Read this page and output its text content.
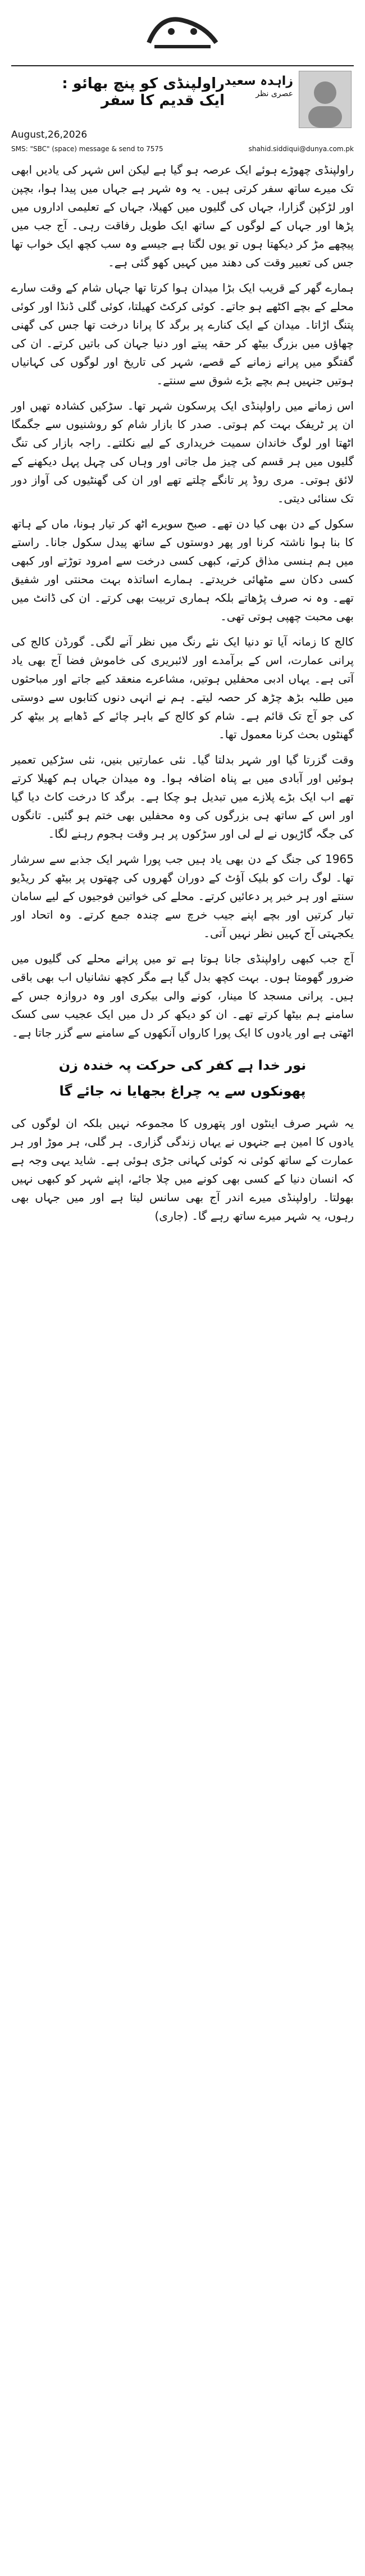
زاہدہ سعید
عصری نظر
راولپنڈی کو پنچ بھائو : ایک قدیم کا سفر
August,26,2026
SMS: "SBC" (space) message & send to 7575	shahid.siddiqui@dunya.com.pk

راولپنڈی چھوڑے ہوئے ایک عرصہ ہو گیا ہے لیکن اس شہر کی یادیں ابھی تک میرے ساتھ سفر کرتی ہیں۔ یہ وہ شہر ہے جہاں میں پیدا ہوا، بچپن اور لڑکپن گزارا، جہاں کی گلیوں میں کھیلا، جہاں کے تعلیمی اداروں میں پڑھا اور جہاں کے لوگوں کے ساتھ ایک طویل رفاقت رہی۔ آج جب میں پیچھے مڑ کر دیکھتا ہوں تو یوں لگتا ہے جیسے وہ سب کچھ ایک خواب تھا جس کی تعبیر وقت کی دھند میں کہیں کھو گئی ہے۔

ہمارے گھر کے قریب ایک بڑا میدان ہوا کرتا تھا جہاں شام کے وقت سارے محلے کے بچے اکٹھے ہو جاتے۔ کوئی کرکٹ کھیلتا، کوئی گلی ڈنڈا اور کوئی پتنگ اڑاتا۔ میدان کے ایک کنارے پر برگد کا پرانا درخت تھا جس کی گھنی چھاؤں میں بزرگ بیٹھ کر حقہ پیتے اور دنیا جہان کی باتیں کرتے۔ ان کی گفتگو میں پرانے زمانے کے قصے، شہر کی تاریخ اور لوگوں کی کہانیاں ہوتیں جنہیں ہم بچے بڑے شوق سے سنتے۔

اس زمانے میں راولپنڈی ایک پرسکون شہر تھا۔ سڑکیں کشادہ تھیں اور ان پر ٹریفک بہت کم ہوتی۔ صدر کا بازار شام کو روشنیوں سے جگمگا اٹھتا اور لوگ خاندان سمیت خریداری کے لیے نکلتے۔ راجہ بازار کی تنگ گلیوں میں ہر قسم کی چیز مل جاتی اور وہاں کی چہل پہل دیکھنے کے لائق ہوتی۔ مری روڈ پر تانگے چلتے تھے اور ان کی گھنٹیوں کی آواز دور تک سنائی دیتی۔

سکول کے دن بھی کیا دن تھے۔ صبح سویرے اٹھ کر تیار ہونا، ماں کے ہاتھ کا بنا ہوا ناشتہ کرنا اور پھر دوستوں کے ساتھ پیدل سکول جانا۔ راستے میں ہم ہنسی مذاق کرتے، کبھی کسی درخت سے امرود توڑتے اور کبھی کسی دکان سے مٹھائی خریدتے۔ ہمارے اساتذہ بہت محنتی اور شفیق تھے۔ وہ نہ صرف پڑھاتے بلکہ ہماری تربیت بھی کرتے۔ ان کی ڈانٹ میں بھی محبت چھپی ہوتی تھی۔

کالج کا زمانہ آیا تو دنیا ایک نئے رنگ میں نظر آنے لگی۔ گورڈن کالج کی پرانی عمارت، اس کے برآمدے اور لائبریری کی خاموش فضا آج بھی یاد آتی ہے۔ یہاں ادبی محفلیں ہوتیں، مشاعرے منعقد کیے جاتے اور مباحثوں میں طلبہ بڑھ چڑھ کر حصہ لیتے۔ ہم نے انہی دنوں کتابوں سے دوستی کی جو آج تک قائم ہے۔ شام کو کالج کے باہر چائے کے ڈھابے پر بیٹھ کر گھنٹوں بحث کرنا معمول تھا۔

وقت گزرتا گیا اور شہر بدلتا گیا۔ نئی عمارتیں بنیں، نئی سڑکیں تعمیر ہوئیں اور آبادی میں بے پناہ اضافہ ہوا۔ وہ میدان جہاں ہم کھیلا کرتے تھے اب ایک بڑے پلازے میں تبدیل ہو چکا ہے۔ برگد کا درخت کاٹ دیا گیا اور اس کے ساتھ ہی بزرگوں کی وہ محفلیں بھی ختم ہو گئیں۔ تانگوں کی جگہ گاڑیوں نے لے لی اور سڑکوں پر ہر وقت ہجوم رہنے لگا۔

1965 کی جنگ کے دن بھی یاد ہیں جب پورا شہر ایک جذبے سے سرشار تھا۔ لوگ رات کو بلیک آؤٹ کے دوران گھروں کی چھتوں پر بیٹھ کر ریڈیو سنتے اور ہر خبر پر دعائیں کرتے۔ محلے کی خواتین فوجیوں کے لیے سامان تیار کرتیں اور بچے اپنے جیب خرچ سے چندہ جمع کرتے۔ وہ اتحاد اور یکجہتی آج کہیں نظر نہیں آتی۔

آج جب کبھی راولپنڈی جانا ہوتا ہے تو میں پرانے محلے کی گلیوں میں ضرور گھومتا ہوں۔ بہت کچھ بدل گیا ہے مگر کچھ نشانیاں اب بھی باقی ہیں۔ پرانی مسجد کا مینار، کونے والی بیکری اور وہ دروازہ جس کے سامنے ہم بیٹھا کرتے تھے۔ ان کو دیکھ کر دل میں ایک عجیب سی کسک اٹھتی ہے اور یادوں کا ایک پورا کارواں آنکھوں کے سامنے سے گزر جاتا ہے۔

نور خدا ہے کفر کی حرکت پہ خندہ زن
پھونکوں سے یہ چراغ بجھایا نہ جائے گا

یہ شہر صرف اینٹوں اور پتھروں کا مجموعہ نہیں بلکہ ان لوگوں کی یادوں کا امین ہے جنہوں نے یہاں زندگی گزاری۔ ہر گلی، ہر موڑ اور ہر عمارت کے ساتھ کوئی نہ کوئی کہانی جڑی ہوئی ہے۔ شاید یہی وجہ ہے کہ انسان دنیا کے کسی بھی کونے میں چلا جائے، اپنے شہر کو کبھی نہیں بھولتا۔ راولپنڈی میرے اندر آج بھی سانس لیتا ہے اور میں جہاں بھی رہوں، یہ شہر میرے ساتھ رہے گا۔ (جاری)
